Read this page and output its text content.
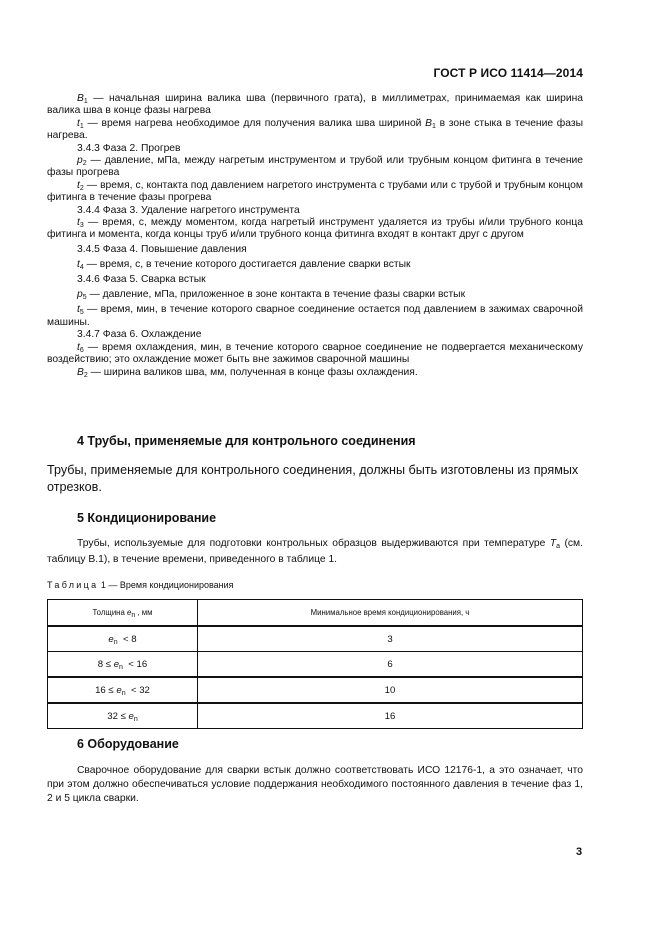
ГОСТ Р ИСО 11414—2014

$B_1$ — начальная ширина валика шва (первичного грата), в миллиметрах, принимаемая как ширина валика шва в конце фазы нагрева

$t_1$ — время нагрева необходимое для получения валика шва шириной $B_1$ в зоне стыка в течение фазы нагрева.

3.4.3 Фаза 2. Прогрев

$p_2$ — давление, мПа, между нагретым инструментом и трубой или трубным концом фитинга в течение фазы прогрева

$t_2$ — время, с, контакта под давлением нагретого инструмента с трубами или с трубой и трубным концом фитинга в течение фазы прогрева

3.4.4 Фаза 3. Удаление нагретого инструмента

$t_3$ — время, с, между моментом, когда нагретый инструмент удаляется из трубы и/или трубного конца фитинга и момента, когда концы труб и/или трубного конца фитинга входят в контакт друг с другом

3.4.5 Фаза 4. Повышение давления

$t_4$ — время, с, в течение которого достигается давление сварки встык

3.4.6 Фаза 5. Сварка встык

$p_5$ — давление, мПа, приложенное в зоне контакта в течение фазы сварки встык

$t_5$ — время, мин, в течение которого сварное соединение остается под давлением в зажимах сварочной машины.

3.4.7 Фаза 6. Охлаждение

$t_6$ — время охлаждения, мин, в течение которого сварное соединение не подвергается механическому воздействию; это охлаждение может быть вне зажимов сварочной машины

$B_2$ — ширина валиков шва, мм, полученная в конце фазы охлаждения.

4 Трубы, применяемые для контрольного соединения
Трубы, применяемые для контрольного соединения, должны быть изготовлены из прямых отрезков.
5 Кондиционирование
Трубы, используемые для подготовки контрольных образцов выдерживаются при температуре $T_a$ (см. таблицу В.1), в течение времени, приведенного в таблице 1.
Таблица 1 — Время кондиционирования
Толщина $e_n$ , мм	Минимальное время кондиционирования, ч
$e_n < 8$	3
$8 \le e_n < 16$	6
$16 \le e_n < 32$	10
$32 \le e_n$	16
6 Оборудование
Сварочное оборудование для сварки встык должно соответствовать ИСО 12176-1, а это означает, что при этом должно обеспечиваться условие поддержания необходимого постоянного давления в течение фаз 1, 2 и 5 цикла сварки.
3
